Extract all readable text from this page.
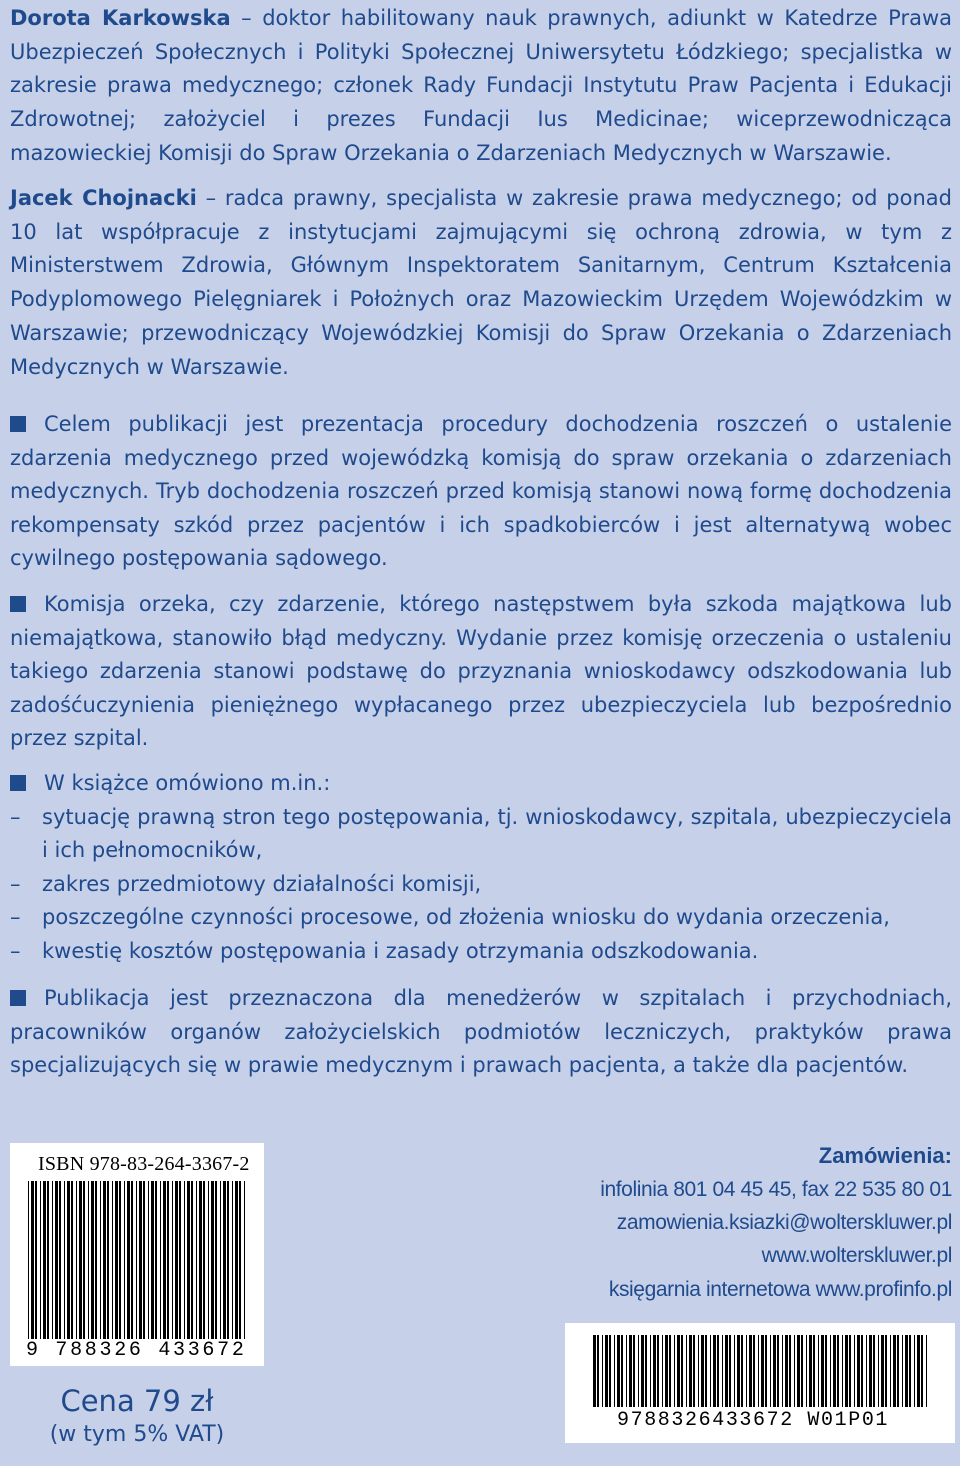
Dorota Karkowska – doktor habilitowany nauk prawnych, adiunkt w Katedrze Prawa Ubezpieczeń Społecznych i Polityki Społecznej Uniwersytetu Łódzkiego; specjalistka w zakresie prawa medycznego; członek Rady Fundacji Instytutu Praw Pacjenta i Edukacji Zdrowotnej; założyciel i prezes Fundacji Ius Medicinae; wiceprzewodnicząca mazowieckiej Komisji do Spraw Orzekania o Zdarzeniach Medycznych w Warszawie.
Jacek Chojnacki – radca prawny, specjalista w zakresie prawa medycznego; od ponad 10 lat współpracuje z instytucjami zajmującymi się ochroną zdrowia, w tym z Ministerstwem Zdrowia, Głównym Inspektoratem Sanitarnym, Centrum Kształcenia Podyplomowego Pielęgniarek i Położnych oraz Mazowieckim Urzędem Wojewódzkim w Warszawie; przewodniczący Wojewódzkiej Komisji do Spraw Orzekania o Zdarzeniach Medycznych w Warszawie.
Celem publikacji jest prezentacja procedury dochodzenia roszczeń o ustalenie zdarzenia medycznego przed wojewódzką komisją do spraw orzekania o zdarzeniach medycznych. Tryb dochodzenia roszczeń przed komisją stanowi nową formę dochodzenia rekompensaty szkód przez pacjentów i ich spadkobierców i jest alternatywą wobec cywilnego postępowania sądowego.
Komisja orzeka, czy zdarzenie, którego następstwem była szkoda majątkowa lub niemajątkowa, stanowiło błąd medyczny. Wydanie przez komisję orzeczenia o ustaleniu takiego zdarzenia stanowi podstawę do przyznania wnioskodawcy odszkodowania lub zadośćuczynienia pieniężnego wypłacanego przez ubezpieczyciela lub bezpośrednio przez szpital.
W książce omówiono m.in.:
– sytuację prawną stron tego postępowania, tj. wnioskodawcy, szpitala, ubezpieczyciela i ich pełnomocników,
– zakres przedmiotowy działalności komisji,
– poszczególne czynności procesowe, od złożenia wniosku do wydania orzeczenia,
– kwestię kosztów postępowania i zasady otrzymania odszkodowania.
Publikacja jest przeznaczona dla menedżerów w szpitalach i przychodniach, pracowników organów założycielskich podmiotów leczniczych, praktyków prawa specjalizujących się w prawie medycznym i prawach pacjenta, a także dla pacjentów.
ISBN 978-83-264-3367-2
9 788326 433672
Cena 79 zł
(w tym 5% VAT)
Zamówienia:
infolinia 801 04 45 45, fax 22 535 80 01
zamowienia.ksiazki@wolterskluwer.pl
www.wolterskluwer.pl
księgarnia internetowa www.profinfo.pl
9788326433672 W01P01
